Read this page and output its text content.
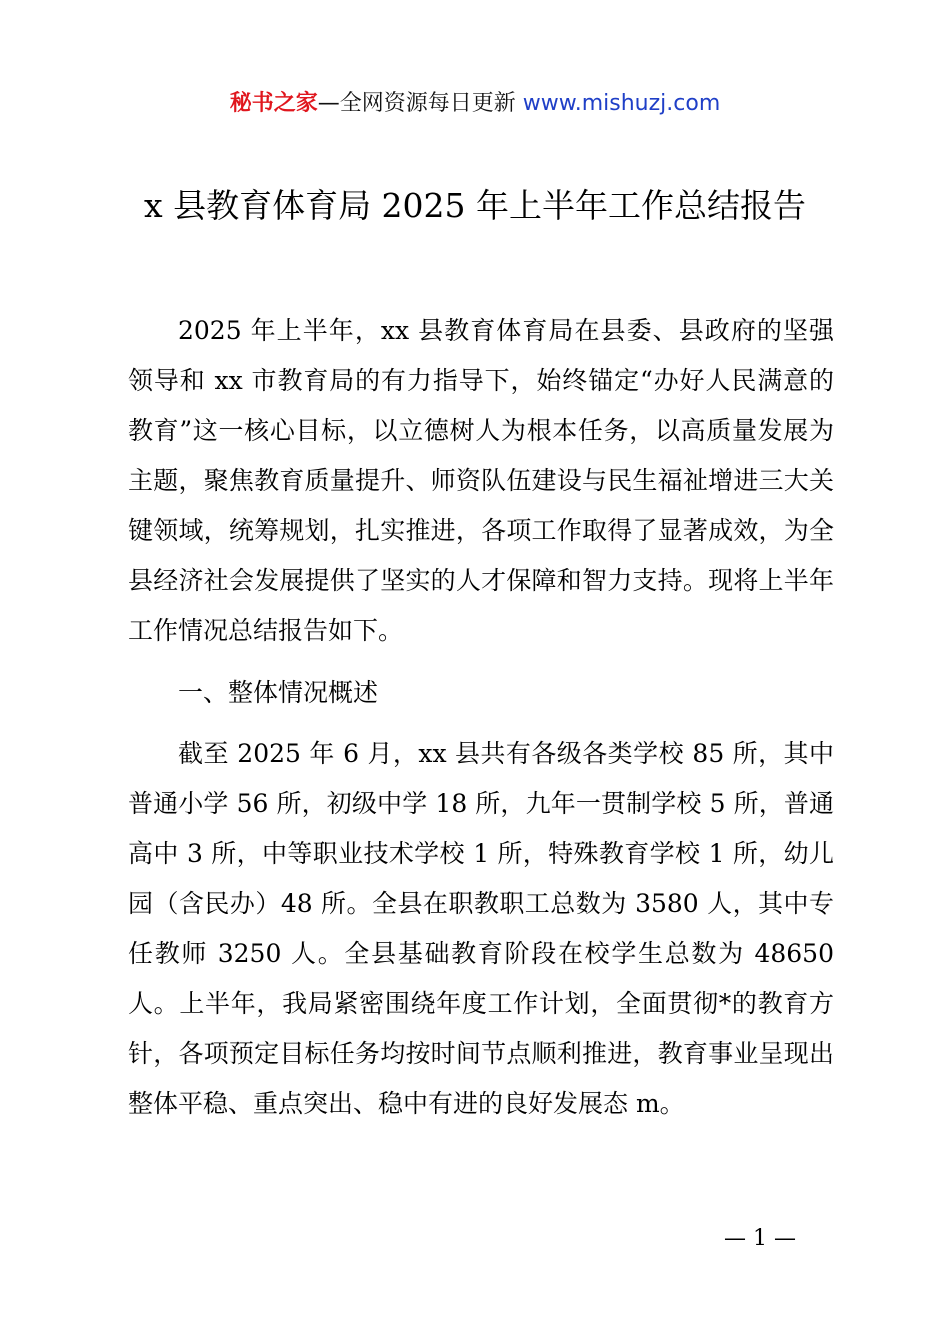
秘书之家—全网资源每日更新 www.mishuzj.com
x 县教育体育局 2025 年上半年工作总结报告

2025 年上半年，xx 县教育体育局在县委、县政府的坚强领导和 xx 市教育局的有力指导下，始终锚定“办好人民满意的教育”这一核心目标，以立德树人为根本任务，以高质量发展为主题，聚焦教育质量提升、师资队伍建设与民生福祉增进三大关键领域，统筹规划，扎实推进，各项工作取得了显著成效，为全县经济社会发展提供了坚实的人才保障和智力支持。现将上半年工作情况总结报告如下。

一、整体情况概述

截至 2025 年 6 月，xx 县共有各级各类学校 85 所，其中普通小学 56 所，初级中学 18 所，九年一贯制学校 5 所，普通高中 3 所，中等职业技术学校 1 所，特殊教育学校 1 所，幼儿园（含民办）48 所。全县在职教职工总数为 3580 人，其中专任教师 3250 人。全县基础教育阶段在校学生总数为 48650 人。上半年，我局紧密围绕年度工作计划，全面贯彻*的教育方针，各项预定目标任务均按时间节点顺利推进，教育事业呈现出整体平稳、重点突出、稳中有进的良好发展态 m。

— 1 —
